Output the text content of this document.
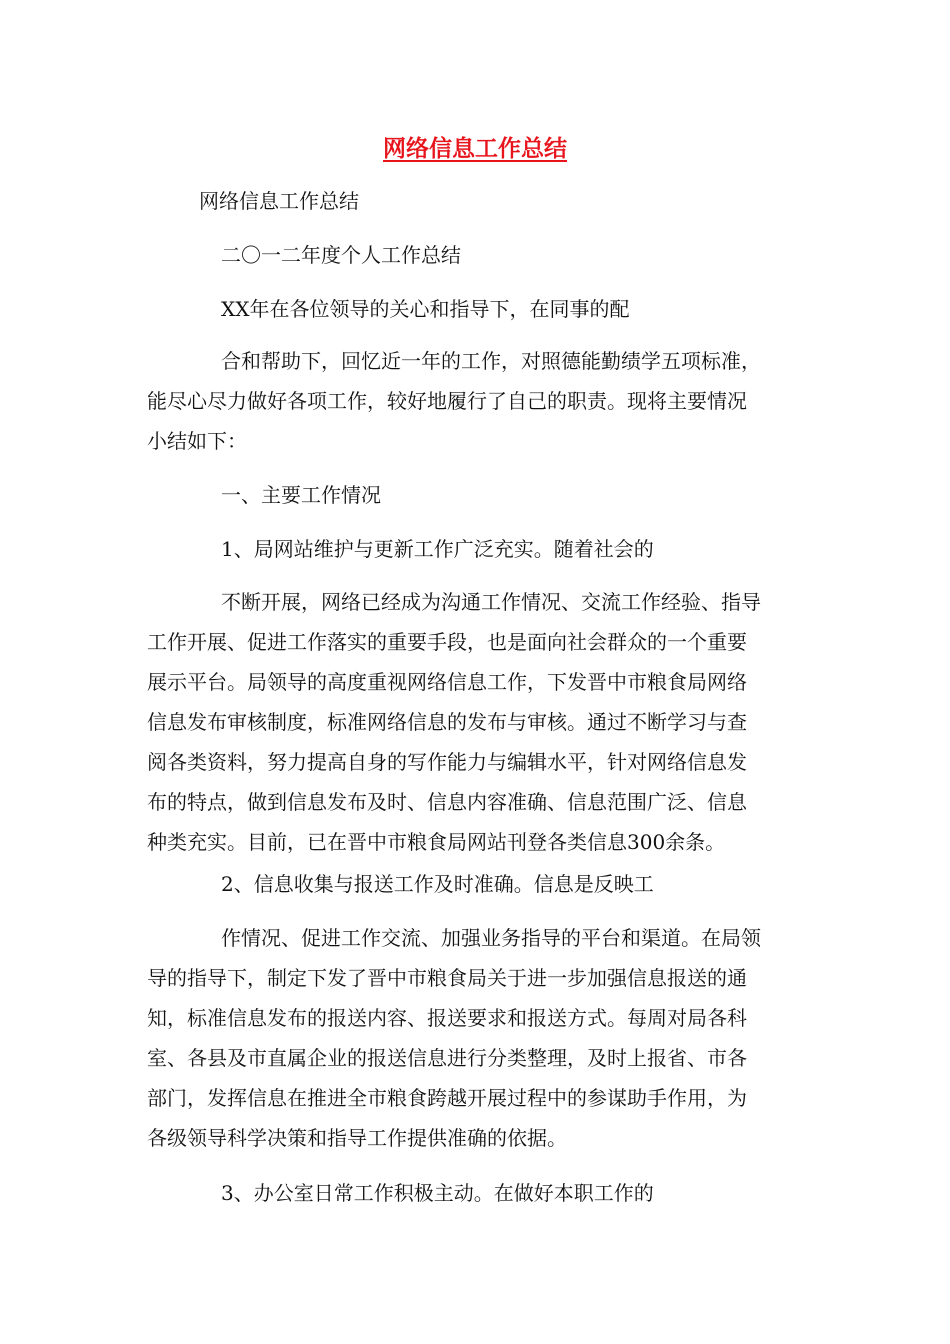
网络信息工作总结

网络信息工作总结

二〇一二年度个人工作总结

XX年在各位领导的关心和指导下，在同事的配

合和帮助下，回忆近一年的工作，对照德能勤绩学五项标准，
能尽心尽力做好各项工作，较好地履行了自己的职责。现将主要情况
小结如下：

一、主要工作情况

1、局网站维护与更新工作广泛充实。随着社会的

不断开展，网络已经成为沟通工作情况、交流工作经验、指导
工作开展、促进工作落实的重要手段，也是面向社会群众的一个重要
展示平台。局领导的高度重视网络信息工作，下发晋中市粮食局网络
信息发布审核制度，标准网络信息的发布与审核。通过不断学习与查
阅各类资料，努力提高自身的写作能力与编辑水平，针对网络信息发
布的特点，做到信息发布及时、信息内容准确、信息范围广泛、信息
种类充实。目前，已在晋中市粮食局网站刊登各类信息300余条。

2、信息收集与报送工作及时准确。信息是反映工

作情况、促进工作交流、加强业务指导的平台和渠道。在局领
导的指导下，制定下发了晋中市粮食局关于进一步加强信息报送的通
知，标准信息发布的报送内容、报送要求和报送方式。每周对局各科
室、各县及市直属企业的报送信息进行分类整理，及时上报省、市各
部门，发挥信息在推进全市粮食跨越开展过程中的参谋助手作用，为
各级领导科学决策和指导工作提供准确的依据。

3、办公室日常工作积极主动。在做好本职工作的
